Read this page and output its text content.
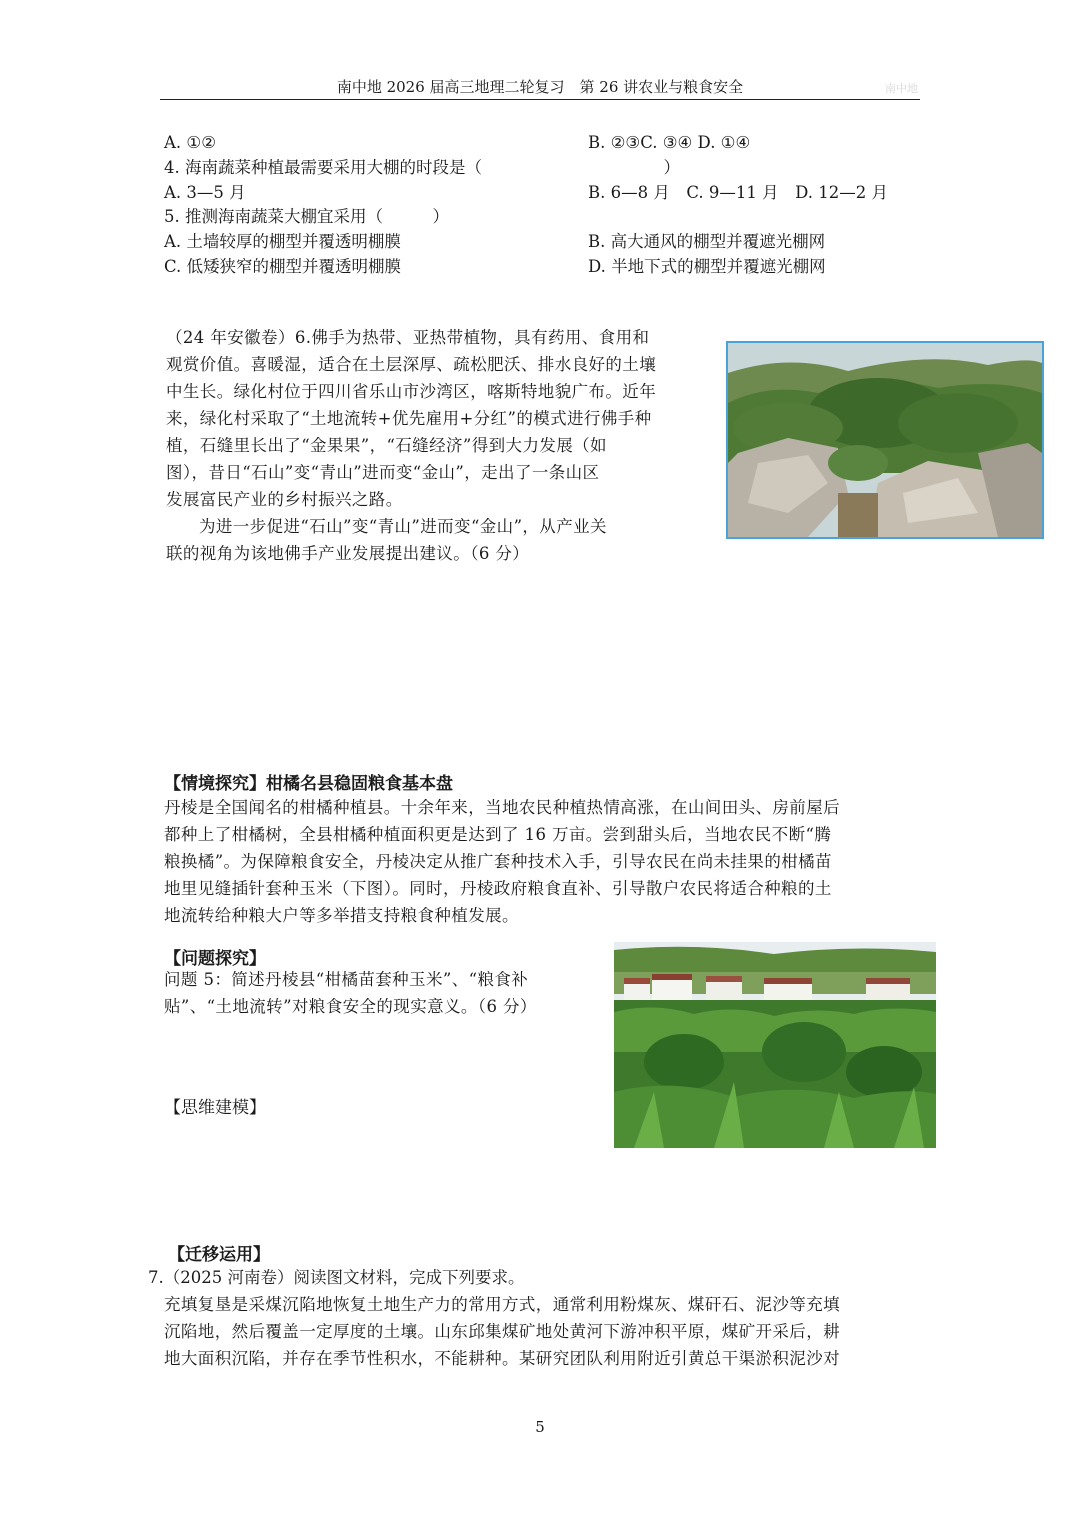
南中地 2026 届高三地理二轮复习　第 26 讲农业与粮食安全	南中地
A. ①②	B. ②③C. ③④ D. ①④
4. 海南蔬菜种植最需要采用大棚的时段是（　　　　　　　　　　　）
A. 3—5 月	B. 6—8 月　C. 9—11 月　D. 12—2 月
5. 推测海南蔬菜大棚宜采用（　　　）
A. 土墙较厚的棚型并覆透明棚膜	B. 高大通风的棚型并覆遮光棚网
C. 低矮狭窄的棚型并覆透明棚膜	D. 半地下式的棚型并覆遮光棚网
（24 年安徽卷）6.佛手为热带、亚热带植物，具有药用、食用和
观赏价值。喜暖湿，适合在土层深厚、疏松肥沃、排水良好的土壤
中生长。绿化村位于四川省乐山市沙湾区，喀斯特地貌广布。近年
来，绿化村采取了“土地流转+优先雇用+分红”的模式进行佛手种
植，石缝里长出了“金果果”，“石缝经济”得到大力发展（如
图），昔日“石山”变“青山”进而变“金山”，走出了一条山区
发展富民产业的乡村振兴之路。
为进一步促进“石山”变“青山”进而变“金山”，从产业关
联的视角为该地佛手产业发展提出建议。（6 分）
【情境探究】柑橘名县稳固粮食基本盘
丹棱是全国闻名的柑橘种植县。十余年来，当地农民种植热情高涨，在山间田头、房前屋后
都种上了柑橘树，全县柑橘种植面积更是达到了 16 万亩。尝到甜头后，当地农民不断“腾
粮换橘”。为保障粮食安全，丹棱决定从推广套种技术入手，引导农民在尚未挂果的柑橘苗
地里见缝插针套种玉米（下图）。同时，丹棱政府粮食直补、引导散户农民将适合种粮的土
地流转给种粮大户等多举措支持粮食种植发展。
【问题探究】
问题 5：简述丹棱县“柑橘苗套种玉米”、“粮食补
贴”、“土地流转”对粮食安全的现实意义。（6 分）
【思维建模】
【迁移运用】
7.（2025 河南卷）阅读图文材料，完成下列要求。
充填复垦是采煤沉陷地恢复土地生产力的常用方式，通常利用粉煤灰、煤矸石、泥沙等充填
沉陷地，然后覆盖一定厚度的土壤。山东邱集煤矿地处黄河下游冲积平原，煤矿开采后，耕
地大面积沉陷，并存在季节性积水，不能耕种。某研究团队利用附近引黄总干渠淤积泥沙对
5
